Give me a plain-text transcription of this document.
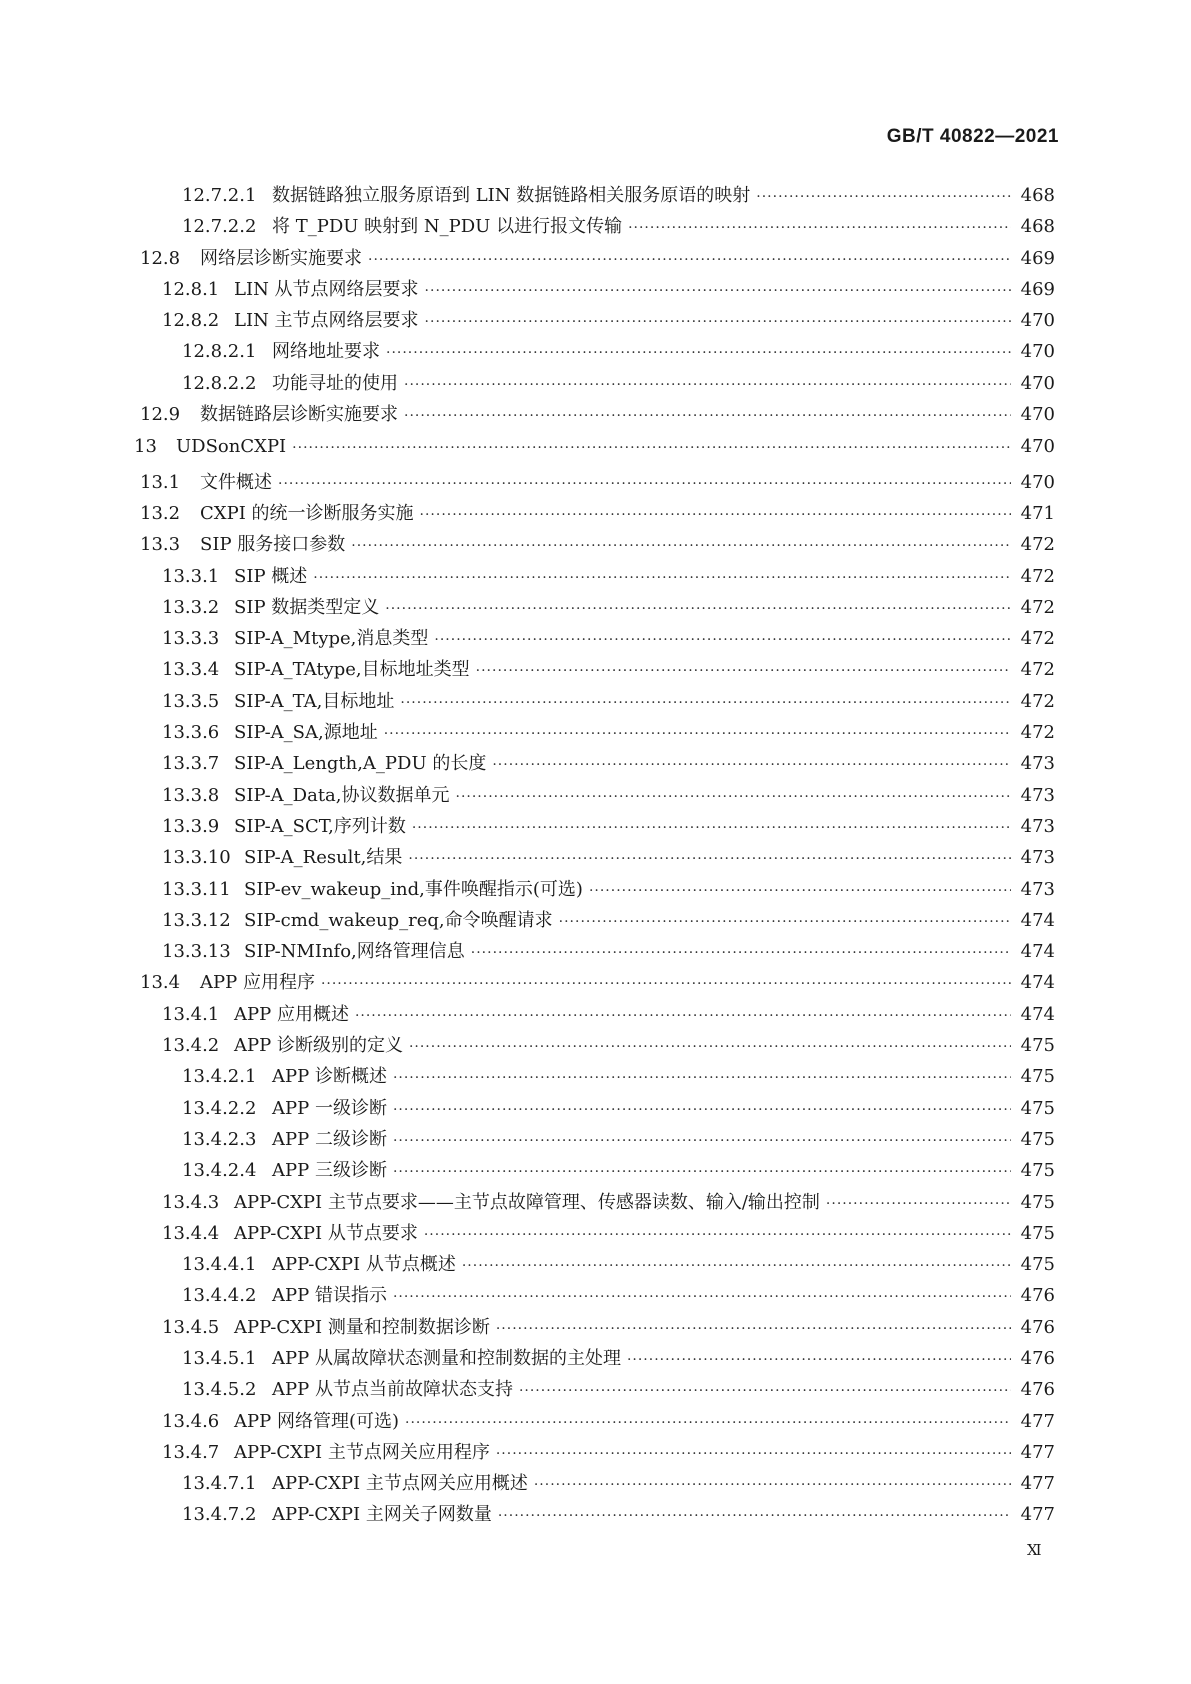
GB/T 40822—2021
12.7.2.1 数据链路独立服务原语到 LIN 数据链路相关服务原语的映射 ·····	468
12.7.2.2 将 T_PDU 映射到 N_PDU 以进行报文传输 ·····	468
12.8	网络层诊断实施要求 ·····	469
12.8.1 LIN 从节点网络层要求 ·····	469
12.8.2 LIN 主节点网络层要求 ·····	470
12.8.2.1 网络地址要求 ·····	470
12.8.2.2 功能寻址的使用 ·····	470
12.9	数据链路层诊断实施要求 ·····	470
13	UDSonCXPI ·····	470
13.1	文件概述 ·····	470
13.2	CXPI 的统一诊断服务实施 ·····	471
13.3	SIP 服务接口参数 ·····	472
13.3.1 SIP 概述 ·····	472
13.3.2 SIP 数据类型定义 ·····	472
13.3.3 SIP-A_Mtype,消息类型 ·····	472
13.3.4 SIP-A_TAtype,目标地址类型 ·····	472
13.3.5 SIP-A_TA,目标地址 ·····	472
13.3.6 SIP-A_SA,源地址 ·····	472
13.3.7 SIP-A_Length,A_PDU 的长度 ·····	473
13.3.8 SIP-A_Data,协议数据单元 ·····	473
13.3.9 SIP-A_SCT,序列计数 ·····	473
13.3.10 SIP-A_Result,结果 ·····	473
13.3.11 SIP-ev_wakeup_ind,事件唤醒指示(可选) ·····	473
13.3.12 SIP-cmd_wakeup_req,命令唤醒请求 ·····	474
13.3.13 SIP-NMInfo,网络管理信息 ·····	474
13.4	APP 应用程序 ·····	474
13.4.1 APP 应用概述 ·····	474
13.4.2 APP 诊断级别的定义 ·····	475
13.4.2.1 APP 诊断概述 ·····	475
13.4.2.2 APP 一级诊断 ·····	475
13.4.2.3 APP 二级诊断 ·····	475
13.4.2.4 APP 三级诊断 ·····	475
13.4.3 APP-CXPI 主节点要求——主节点故障管理、传感器读数、输入/输出控制 ·····	475
13.4.4 APP-CXPI 从节点要求 ·····	475
13.4.4.1 APP-CXPI 从节点概述 ·····	475
13.4.4.2 APP 错误指示 ·····	476
13.4.5 APP-CXPI 测量和控制数据诊断 ·····	476
13.4.5.1 APP 从属故障状态测量和控制数据的主处理 ·····	476
13.4.5.2 APP 从节点当前故障状态支持 ·····	476
13.4.6 APP 网络管理(可选) ·····	477
13.4.7 APP-CXPI 主节点网关应用程序 ·····	477
13.4.7.1 APP-CXPI 主节点网关应用概述 ·····	477
13.4.7.2 APP-CXPI 主网关子网数量 ·····	477
Ⅺ
